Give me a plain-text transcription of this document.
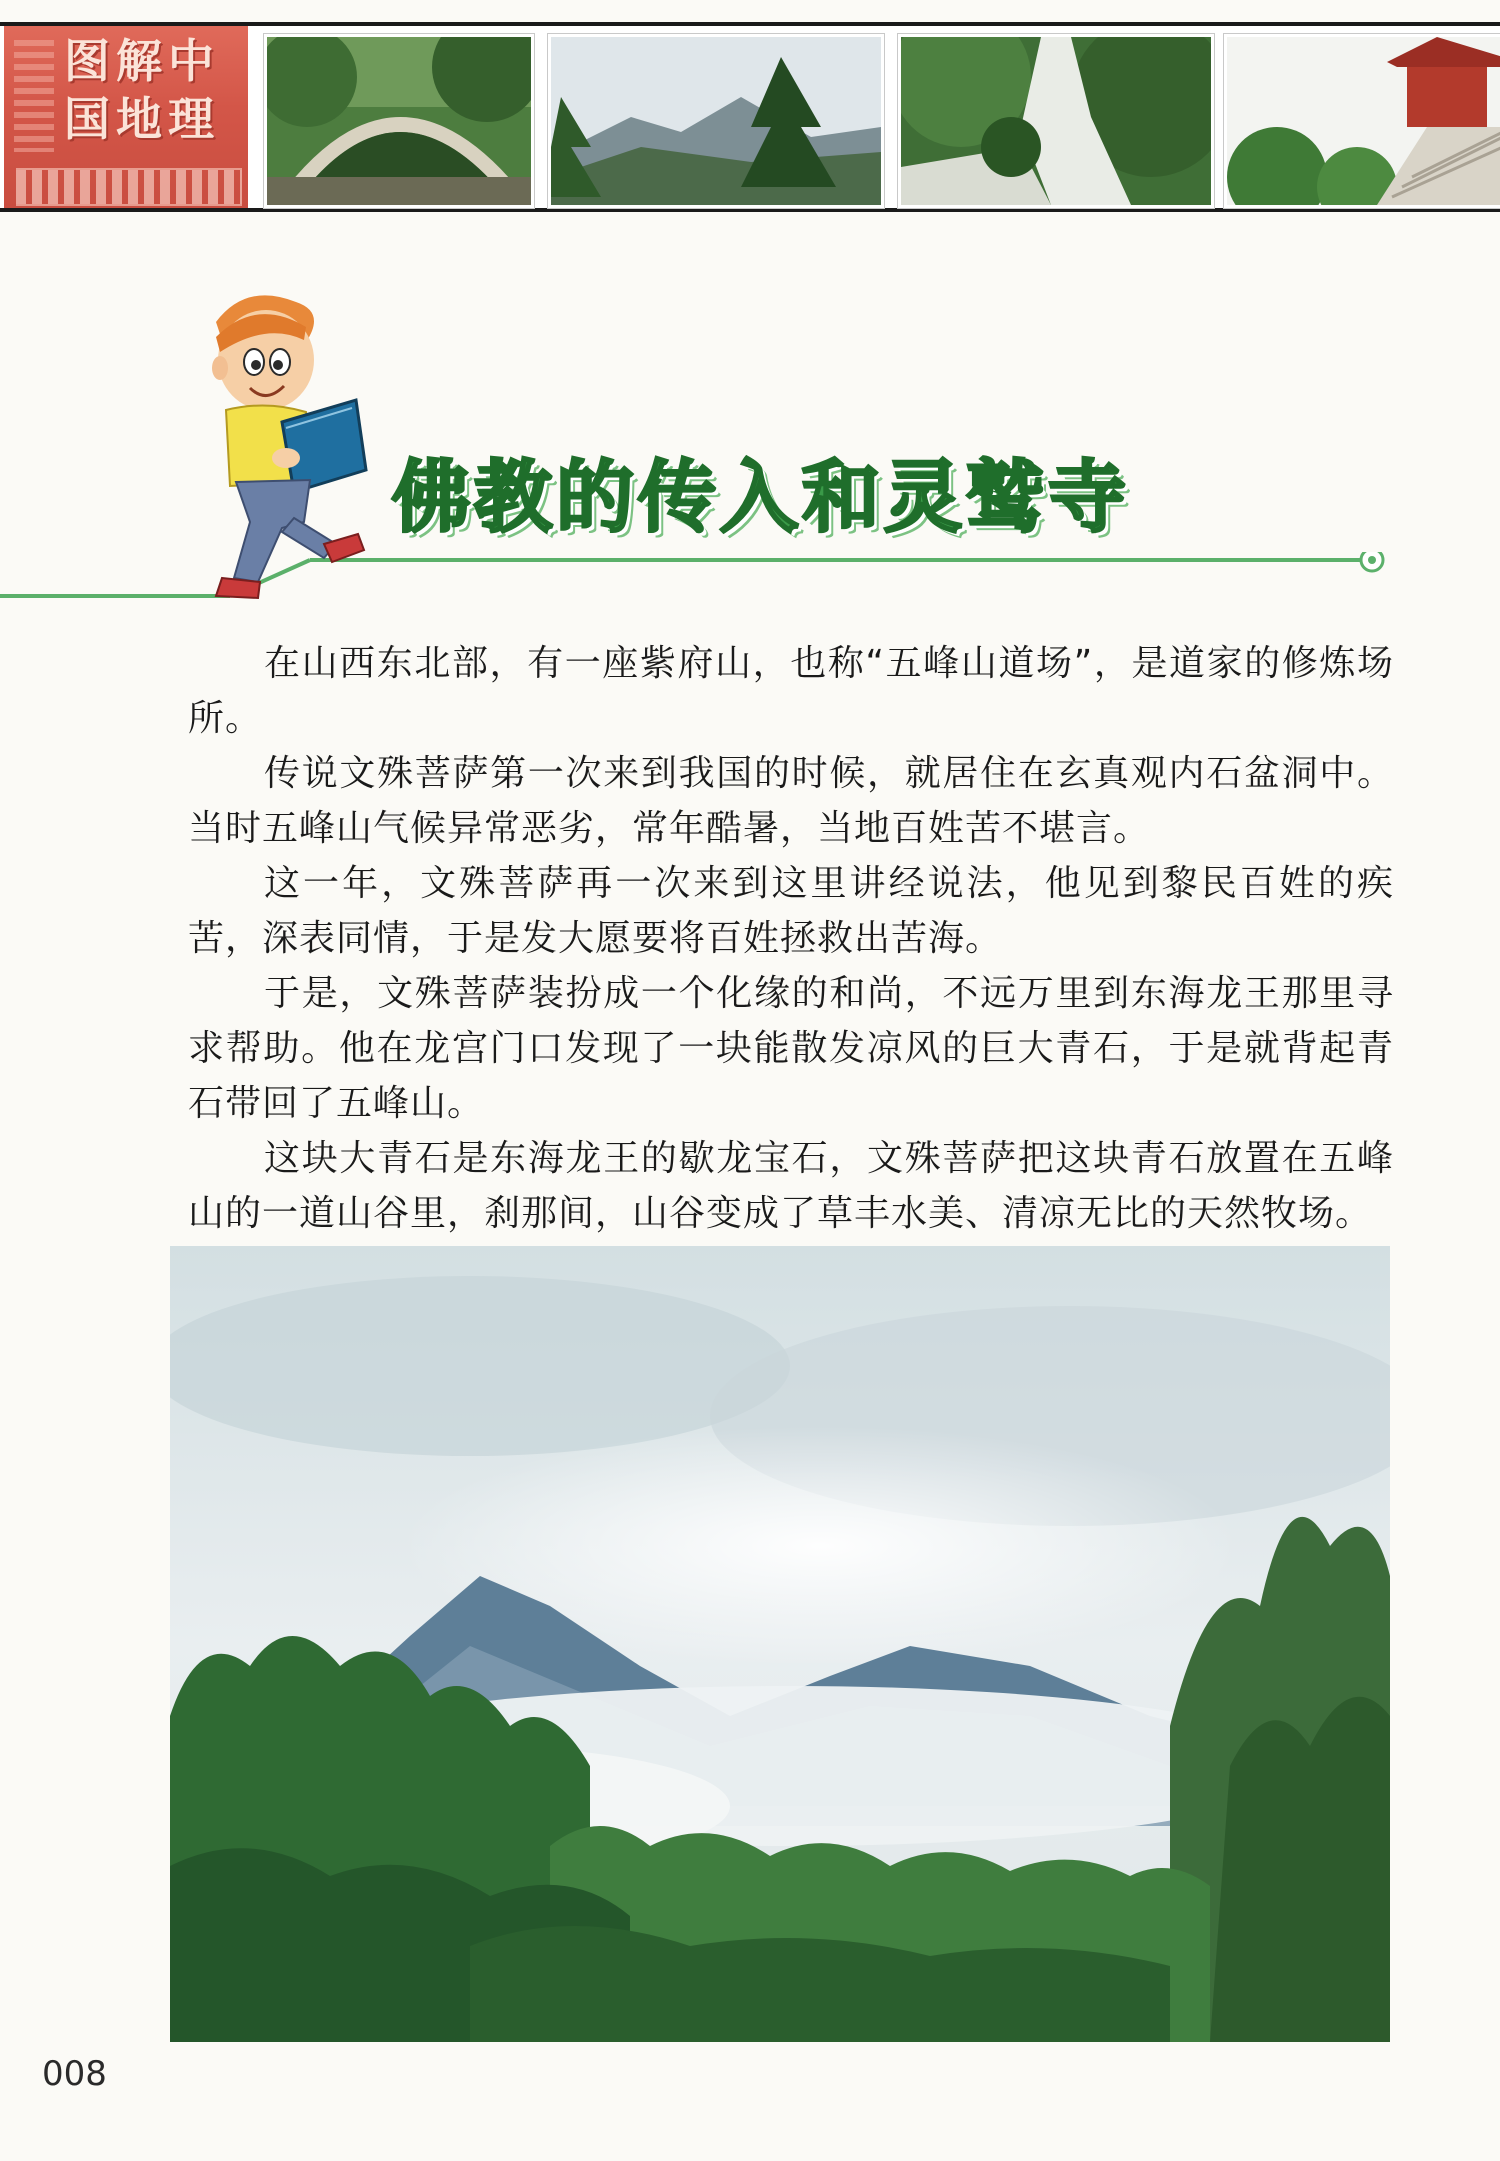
图解中国地理
佛教的传入和灵鹫寺

在山西东北部，有一座紫府山，也称“五峰山道场”，是道家的修炼场所。

传说文殊菩萨第一次来到我国的时候，就居住在玄真观内石盆洞中。当时五峰山气候异常恶劣，常年酷暑，当地百姓苦不堪言。

这一年，文殊菩萨再一次来到这里讲经说法，他见到黎民百姓的疾苦，深表同情，于是发大愿要将百姓拯救出苦海。

于是，文殊菩萨装扮成一个化缘的和尚，不远万里到东海龙王那里寻求帮助。他在龙宫门口发现了一块能散发凉风的巨大青石，于是就背起青石带回了五峰山。

这块大青石是东海龙王的歇龙宝石，文殊菩萨把这块青石放置在五峰山的一道山谷里，刹那间，山谷变成了草丰水美、清凉无比的天然牧场。

008
